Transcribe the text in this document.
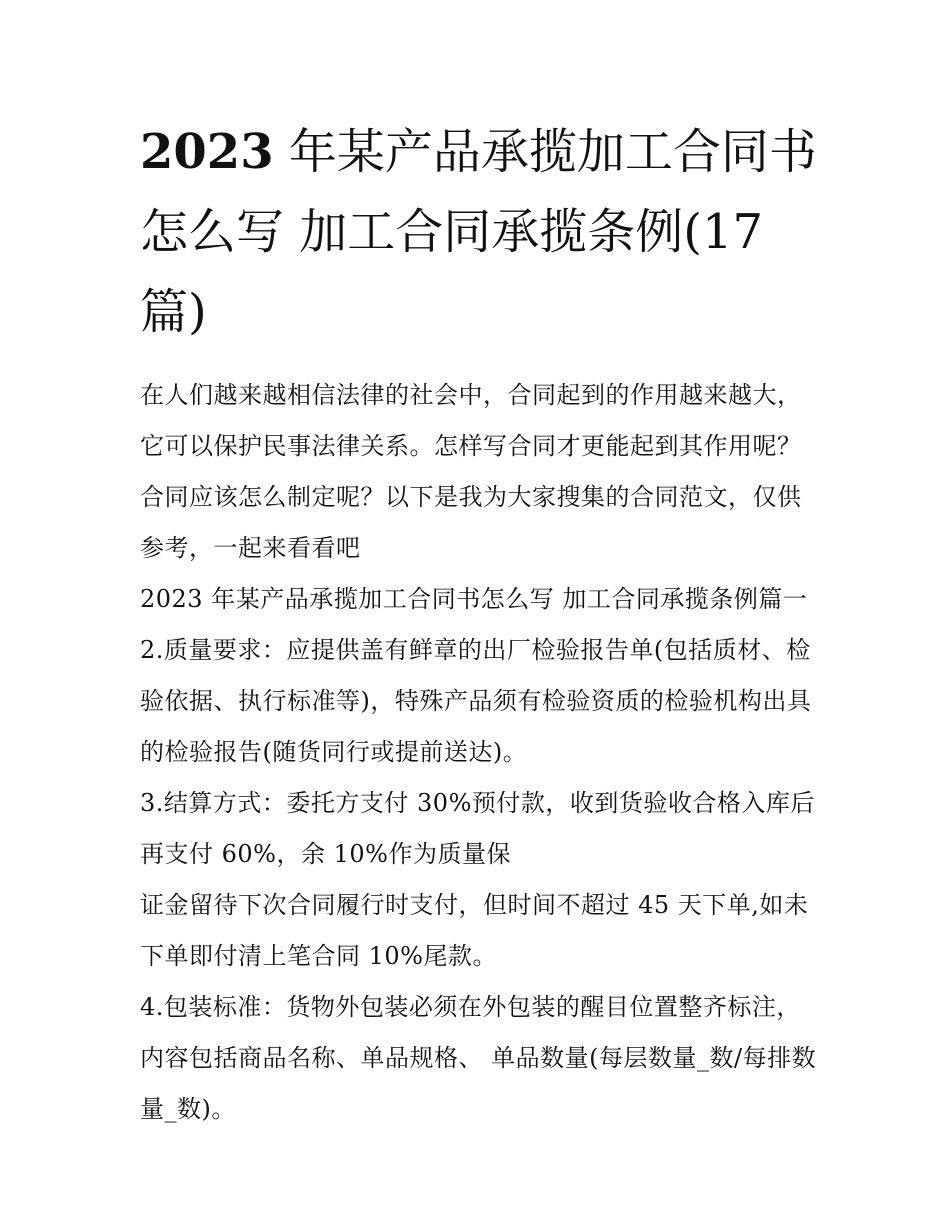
2023 年某产品承揽加工合同书怎么写 加工合同承揽条例(17篇)

在人们越来越相信法律的社会中，合同起到的作用越来越大，它可以保护民事法律关系。怎样写合同才更能起到其作用呢？合同应该怎么制定呢？以下是我为大家搜集的合同范文，仅供参考，一起来看看吧

2023 年某产品承揽加工合同书怎么写 加工合同承揽条例篇一

2.质量要求：应提供盖有鲜章的出厂检验报告单(包括质材、检验依据、执行标准等)，特殊产品须有检验资质的检验机构出具的检验报告(随货同行或提前送达)。

3.结算方式：委托方支付 30%预付款，收到货验收合格入库后再支付 60%，余 10%作为质量保

证金留待下次合同履行时支付，但时间不超过 45 天下单,如未下单即付清上笔合同 10%尾款。

4.包装标准：货物外包装必须在外包装的醒目位置整齐标注，内容包括商品名称、单品规格、 单品数量(每层数量_数/每排数量_数)。
